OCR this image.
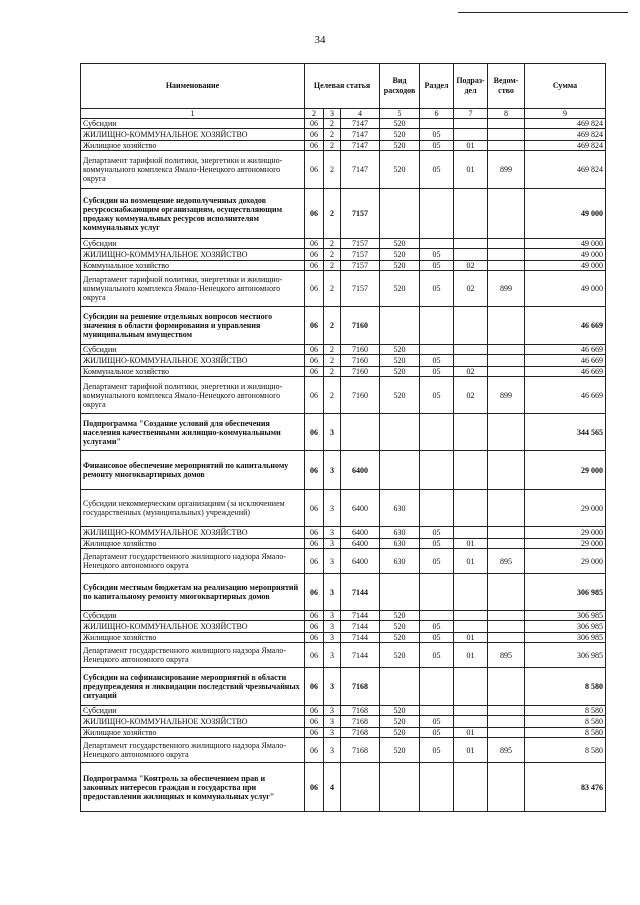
34
Наименование	Целевая статья			Вид расходов	Раздел	Подраз-дел	Ведом-ство	Сумма
1	2	3	4	5	6	7	8	9
Субсидии	06	2	7147	520				469 824
ЖИЛИЩНО-КОММУНАЛЬНОЕ ХОЗЯЙСТВО	06	2	7147	520	05			469 824
Жилищное хозяйство	06	2	7147	520	05	01		469 824
Департамент тарифной политики, энергетики и жилищно-коммунального комплекса Ямало-Ненецкого автономного округа	06	2	7147	520	05	01	899	469 824
Субсидии на возмещение недополученных доходов ресурсоснабжающим организациям, осуществляющим продажу коммунальных ресурсов исполнителям коммунальных услуг	06	2	7157					49 000
Субсидии	06	2	7157	520				49 000
ЖИЛИЩНО-КОММУНАЛЬНОЕ ХОЗЯЙСТВО	06	2	7157	520	05			49 000
Коммунальное хозяйство	06	2	7157	520	05	02		49 000
Департамент тарифной политики, энергетики и жилищно-коммунального комплекса Ямало-Ненецкого автономного округа	06	2	7157	520	05	02	899	49 000
Субсидии на решение отдельных вопросов местного значения в области формирования и управления муниципальным имуществом	06	2	7160					46 669
Субсидии	06	2	7160	520				46 669
ЖИЛИЩНО-КОММУНАЛЬНОЕ ХОЗЯЙСТВО	06	2	7160	520	05			46 669
Коммунальное хозяйство	06	2	7160	520	05	02		46 669
Департамент тарифной политики, энергетики и жилищно-коммунального комплекса Ямало-Ненецкого автономного округа	06	2	7160	520	05	02	899	46 669
Подпрограмма "Создание условий для обеспечения населения качественными жилищно-коммунальными услугами"	06	3						344 565
Финансовое обеспечение мероприятий по капитальному ремонту многоквартирных домов	06	3	6400					29 000
Субсидии некоммерческим организациям (за исключением государственных (муниципальных) учреждений)	06	3	6400	630				29 000
ЖИЛИЩНО-КОММУНАЛЬНОЕ ХОЗЯЙСТВО	06	3	6400	630	05			29 000
Жилищное хозяйство	06	3	6400	630	05	01		29 000
Департамент государственного жилищного надзора Ямало-Ненецкого автономного округа	06	3	6400	630	05	01	895	29 000
Субсидии местным бюджетам на реализацию мероприятий по капитальному ремонту многоквартирных домов	06	3	7144					306 985
Субсидии	06	3	7144	520				306 985
ЖИЛИЩНО-КОММУНАЛЬНОЕ ХОЗЯЙСТВО	06	3	7144	520	05			306 985
Жилищное хозяйство	06	3	7144	520	05	01		306 985
Департамент государственного жилищного надзора Ямало-Ненецкого автономного округа	06	3	7144	520	05	01	895	306 985
Субсидии на софинансирование мероприятий в области предупреждения и ликвидации последствий чрезвычайных ситуаций	06	3	7168					8 580
Субсидии	06	3	7168	520				8 580
ЖИЛИЩНО-КОММУНАЛЬНОЕ ХОЗЯЙСТВО	06	3	7168	520	05			8 580
Жилищное хозяйство	06	3	7168	520	05	01		8 580
Департамент государственного жилищного надзора Ямало-Ненецкого автономного округа	06	3	7168	520	05	01	895	8 580
Подпрограмма "Контроль за обеспечением прав и законных интересов граждан и государства при предоставлении жилищных и коммунальных услуг"	06	4						83 476
